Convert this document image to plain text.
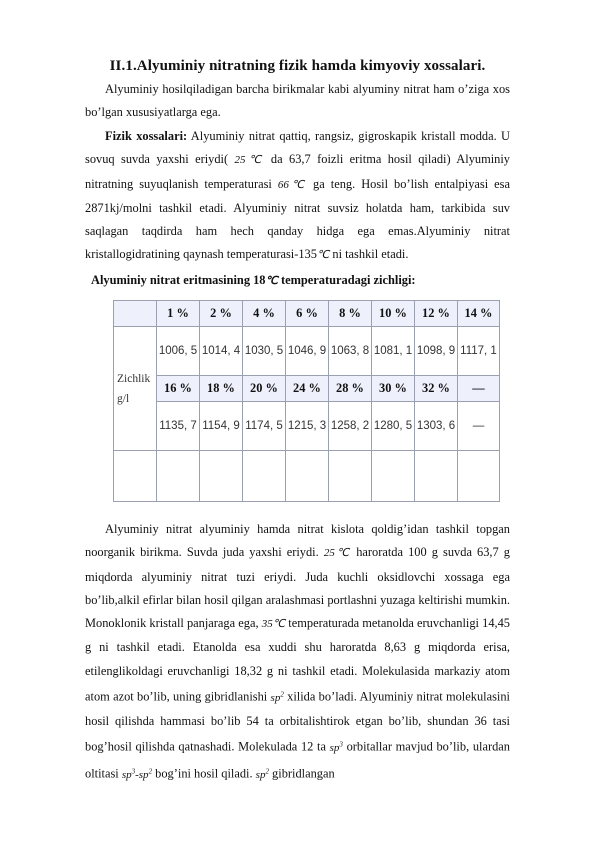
II.1.Alyuminiy nitratning fizik hamda kimyoviy xossalari.
Alyuminiy hosilqiladigan barcha birikmalar kabi alyuminy nitrat ham o’ziga xos bo’lgan xususiyatlarga ega.
Fizik xossalari: Alyuminiy nitrat qattiq, rangsiz, gigroskapik kristall modda. U sovuq suvda yaxshi eriydi( 25℃ da 63,7 foizli eritma hosil qiladi) Alyuminiy nitratning suyuqlanish temperaturasi 66℃ ga teng. Hosil bo’lish entalpiyasi esa 2871kj/molni tashkil etadi. Alyuminiy nitrat suvsiz holatda ham, tarkibida suv saqlagan taqdirda ham hech qanday hidga ega emas.Alyuminiy nitrat kristallogidratining qaynash temperaturasi-135℃ ni tashkil etadi.
Alyuminiy nitrat eritmasining 18℃ temperaturadagi zichligi:
	1 %	2 %	4 %	6 %	8 %	10 %	12 %	14 %
Zichlik g/l	1006, 5	1014, 4	1030, 5	1046, 9	1063, 8	1081, 1	1098, 9	1117, 1
	16 %	18 %	20 %	24 %	28 %	30 %	32 %	—
	1135, 7	1154, 9	1174, 5	1215, 3	1258, 2	1280, 5	1303, 6	—

Alyuminiy nitrat alyuminiy hamda nitrat kislota qoldig’idan tashkil topgan noorganik birikma. Suvda juda yaxshi eriydi. 25℃ haroratda 100 g suvda 63,7 g miqdorda alyuminiy nitrat tuzi eriydi. Juda kuchli oksidlovchi xossaga ega bo’lib,alkil efirlar bilan hosil qilgan aralashmasi portlashni yuzaga keltirishi mumkin. Monoklonik kristall panjaraga ega, 35℃ temperaturada metanolda eruvchanligi 14,45 g ni tashkil etadi. Etanolda esa xuddi shu haroratda 8,63 g miqdorda erisa, etilenglikoldagi eruvchanligi 18,32 g ni tashkil etadi. Molekulasida markaziy atom atom azot bo’lib, uning gibridlanishi $sp^2$ xilida bo’ladi. Alyuminiy nitrat molekulasini hosil qilishda hammasi bo’lib 54 ta orbitalishtirok etgan bo’lib, shundan 36 tasi bog’hosil qilishda qatnashadi. Molekulada 12 ta $sp^3$ orbitallar mavjud bo’lib, ulardan oltitasi $sp^3-sp^2$ bog’ini hosil qiladi. $sp^2$ gibridlangan
